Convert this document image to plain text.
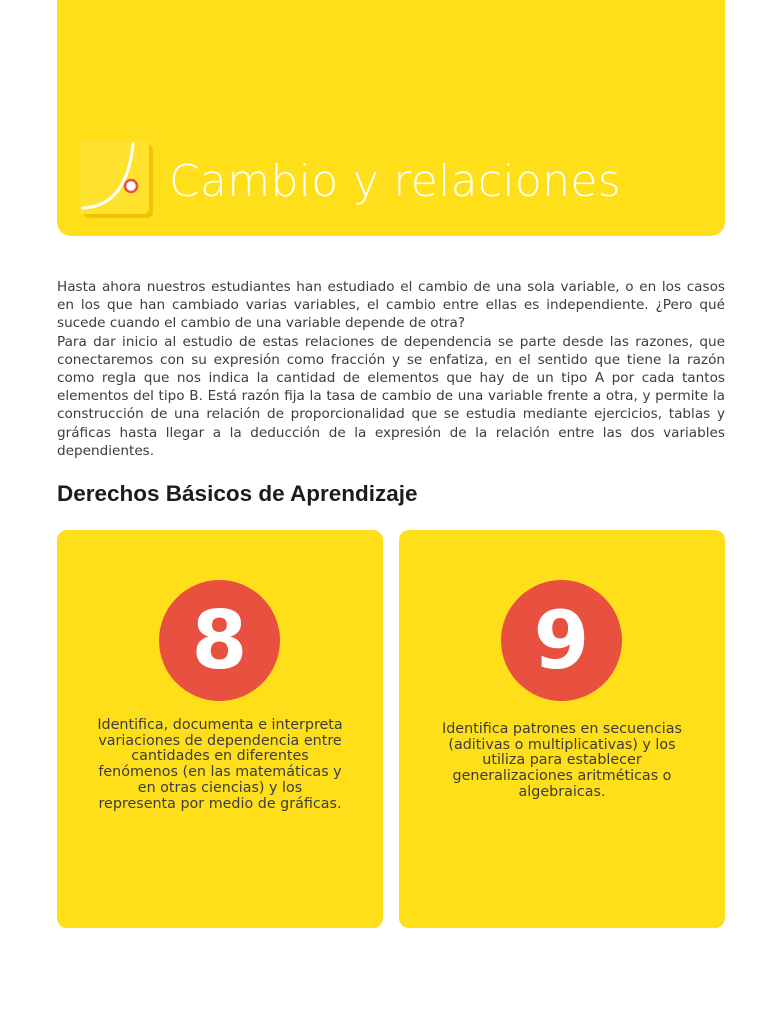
Cambio y relaciones

Hasta ahora nuestros estudiantes han estudiado el cambio de una sola variable, o en los casos en los que han cambiado varias variables, el cambio entre ellas es independiente. ¿Pero qué sucede cuando el cambio de una variable depende de otra?

Para dar inicio al estudio de estas relaciones de dependencia se parte desde las razones, que conectaremos con su expresión como fracción y se enfatiza, en el sentido que tiene la razón como regla que nos indica la cantidad de elementos que hay de un tipo A por cada tantos elementos del tipo B. Está razón fija la tasa de cambio de una variable frente a otra, y permite la construcción de una relación de proporcionalidad que se estudia mediante ejercicios, tablas y gráficas hasta llegar a la deducción de la expresión de la relación entre las dos variables dependientes.

Derechos Básicos de Aprendizaje
8

Identifica, documenta e interpreta variaciones de dependencia entre cantidades en diferentes fenómenos (en las matemáticas y en otras ciencias) y los representa por medio de gráficas.

9

Identifica patrones en secuencias (aditivas o multiplicativas) y los utiliza para establecer generalizaciones aritméticas o algebraicas.
